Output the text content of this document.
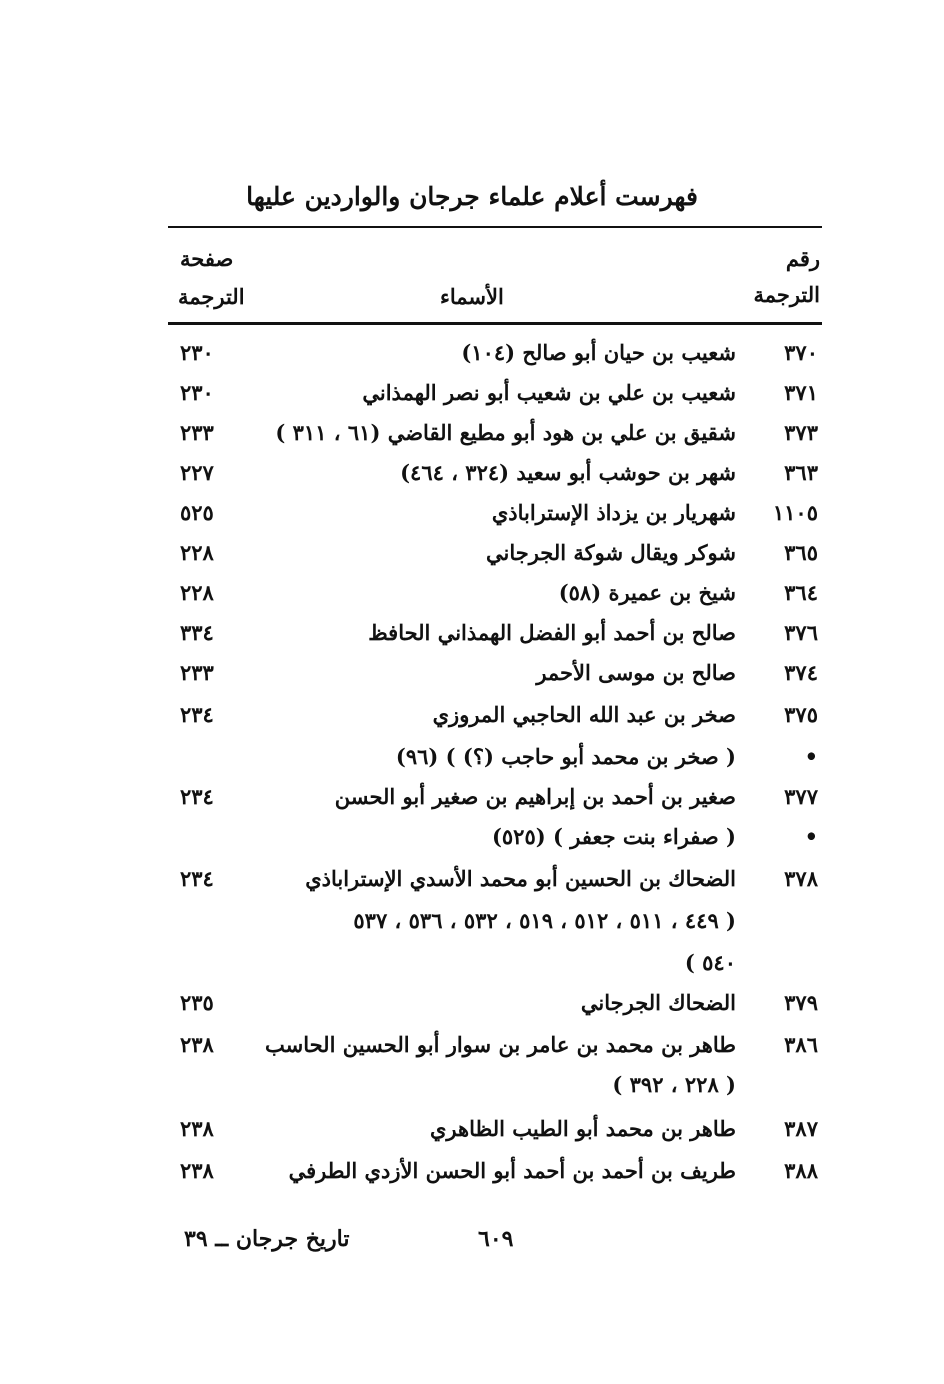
فهرست أعلام علماء جرجان والواردين عليها
رقم
الترجمة
الأسماء
صفحة
الترجمة
٣٧٠
شعيب بن حيان أبو صالح (١٠٤)
٢٣٠
٣٧١
شعيب بن علي بن شعيب أبو نصر الهمذاني
٢٣٠
٣٧٣
شقيق بن علي بن هود أبو مطيع القاضي (٦١ ، ٣١١ )
٢٣٣
٣٦٣
شهر بن حوشب أبو سعيد (٣٢٤ ، ٤٦٤)
٢٢٧
١١٠٥
شهريار بن يزداذ الإستراباذي
٥٢٥
٣٦٥
شوكر ويقال شوكة الجرجاني
٢٢٨
٣٦٤
شيخ بن عميرة (٥٨)
٢٢٨
٣٧٦
صالح بن أحمد أبو الفضل الهمذاني الحافظ
٣٣٤
٣٧٤
صالح بن موسى الأحمر
٢٣٣
٣٧٥
صخر بن عبد الله الحاجبي المروزي
٢٣٤
•
( صخر بن محمد أبو حاجب (؟) ) (٩٦)
٣٧٧
صغير بن أحمد بن إبراهيم بن صغير أبو الحسن
٢٣٤
•
( صفراء بنت جعفر ) (٥٢٥)
٣٧٨
الضحاك بن الحسين أبو محمد الأسدي الإستراباذي
٢٣٤
( ٤٤٩ ، ٥١١ ، ٥١٢ ، ٥١٩ ، ٥٣٢ ، ٥٣٦ ، ٥٣٧
٥٤٠ )
٣٧٩
الضحاك الجرجاني
٢٣٥
٣٨٦
طاهر بن محمد بن عامر بن سوار أبو الحسين الحاسب
٢٣٨
( ٢٢٨ ، ٣٩٢ )
٣٨٧
طاهر بن محمد أبو الطيب الظاهري
٢٣٨
٣٨٨
طريف بن أحمد بن أحمد أبو الحسن الأزدي الطرفي
٢٣٨
٦٠٩
تاريخ جرجان ــ ٣٩
